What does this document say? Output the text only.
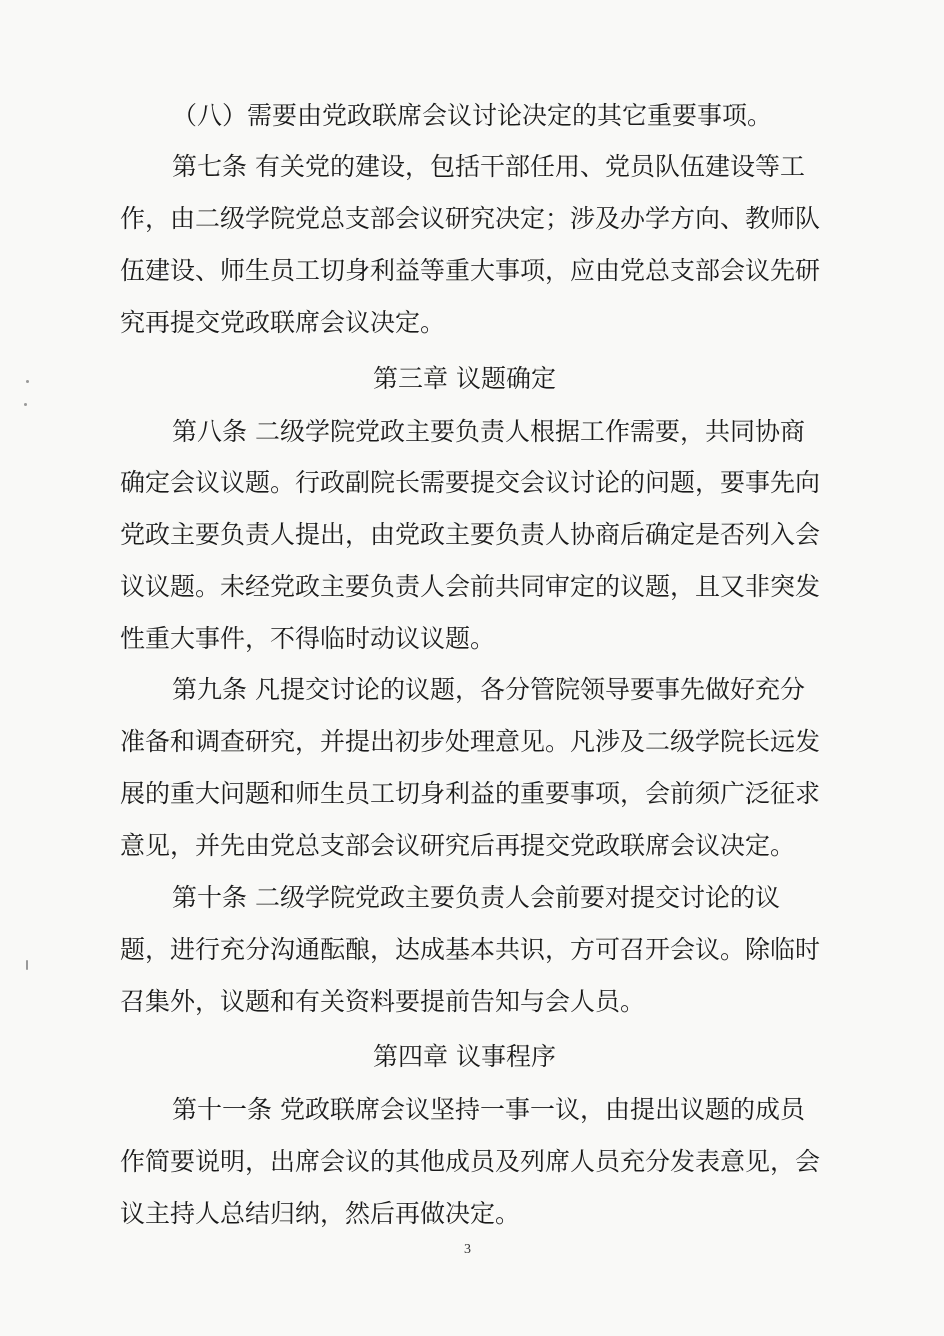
（八）需要由党政联席会议讨论决定的其它重要事项。
第七条 有关党的建设，包括干部任用、党员队伍建设等工
作，由二级学院党总支部会议研究决定；涉及办学方向、教师队
伍建设、师生员工切身利益等重大事项，应由党总支部会议先研
究再提交党政联席会议决定。
第三章 议题确定
第八条 二级学院党政主要负责人根据工作需要，共同协商
确定会议议题。行政副院长需要提交会议讨论的问题，要事先向
党政主要负责人提出，由党政主要负责人协商后确定是否列入会
议议题。未经党政主要负责人会前共同审定的议题，且又非突发
性重大事件，不得临时动议议题。
第九条 凡提交讨论的议题，各分管院领导要事先做好充分
准备和调查研究，并提出初步处理意见。凡涉及二级学院长远发
展的重大问题和师生员工切身利益的重要事项，会前须广泛征求
意见，并先由党总支部会议研究后再提交党政联席会议决定。
第十条 二级学院党政主要负责人会前要对提交讨论的议
题，进行充分沟通酝酿，达成基本共识，方可召开会议。除临时
召集外，议题和有关资料要提前告知与会人员。
第四章 议事程序
第十一条 党政联席会议坚持一事一议，由提出议题的成员
作简要说明，出席会议的其他成员及列席人员充分发表意见，会
议主持人总结归纳，然后再做决定。
3
